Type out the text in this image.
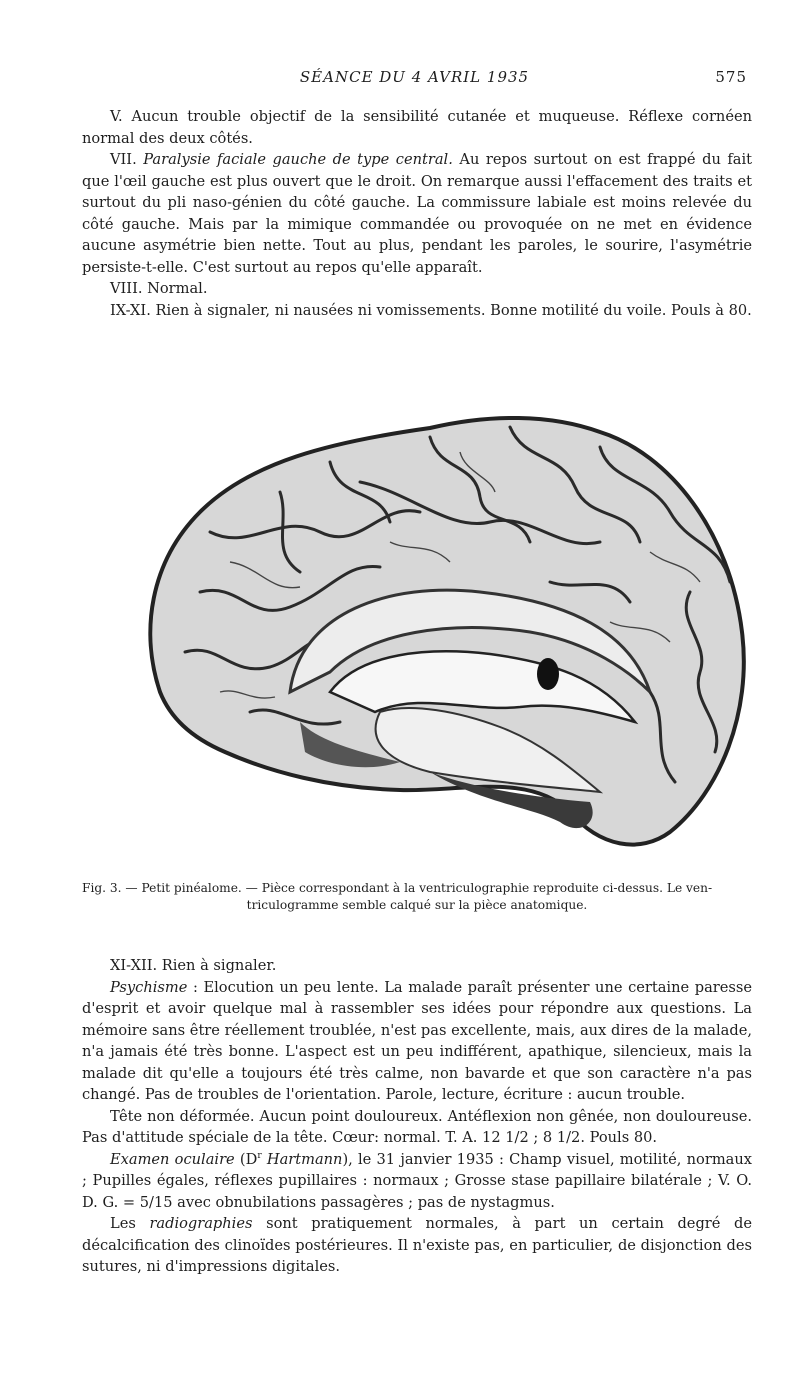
SÉANCE DU 4 AVRIL 1935	575

V. Aucun trouble objectif de la sensibilité cutanée et muqueuse. Réflexe cornéen normal des deux côtés.

VII. Paralysie faciale gauche de type central. Au repos surtout on est frappé du fait que l'œil gauche est plus ouvert que le droit. On remarque aussi l'effacement des traits et surtout du pli naso-génien du côté gauche. La commissure labiale est moins relevée du côté gauche. Mais par la mimique commandée ou provoquée on ne met en évidence aucune asymétrie bien nette. Tout au plus, pendant les paroles, le sourire, l'asymétrie persiste-t-elle. C'est surtout au repos qu'elle apparaît.

VIII. Normal.

IX-XI. Rien à signaler, ni nausées ni vomissements. Bonne motilité du voile. Pouls à 80.

Fig. 3. — Petit pinéalome. — Pièce correspondant à la ventriculographie reproduite ci-dessus. Le ven-
triculogramme semble calqué sur la pièce anatomique.

XI-XII. Rien à signaler.

Psychisme : Elocution un peu lente. La malade paraît présenter une certaine paresse d'esprit et avoir quelque mal à rassembler ses idées pour répondre aux questions. La mémoire sans être réellement troublée, n'est pas excellente, mais, aux dires de la malade, n'a jamais été très bonne. L'aspect est un peu indifférent, apathique, silencieux, mais la malade dit qu'elle a toujours été très calme, non bavarde et que son caractère n'a pas changé. Pas de troubles de l'orientation. Parole, lecture, écriture : aucun trouble.

Tête non déformée. Aucun point douloureux. Antéflexion non gênée, non douloureuse. Pas d'attitude spéciale de la tête. Cœur: normal. T. A. 12 1/2 ; 8 1/2. Pouls 80.

Examen oculaire ($D^r$ Hartmann), le 31 janvier 1935 : Champ visuel, motilité, normaux ; Pupilles égales, réflexes pupillaires : normaux ; Grosse stase papillaire bilatérale ; V. O. D. G. = 5/15 avec obnubilations passagères ; pas de nystagmus.

Les radiographies sont pratiquement normales, à part un certain degré de décalcification des clinoïdes postérieures. Il n'existe pas, en particulier, de disjonction des sutures, ni d'impressions digitales.
